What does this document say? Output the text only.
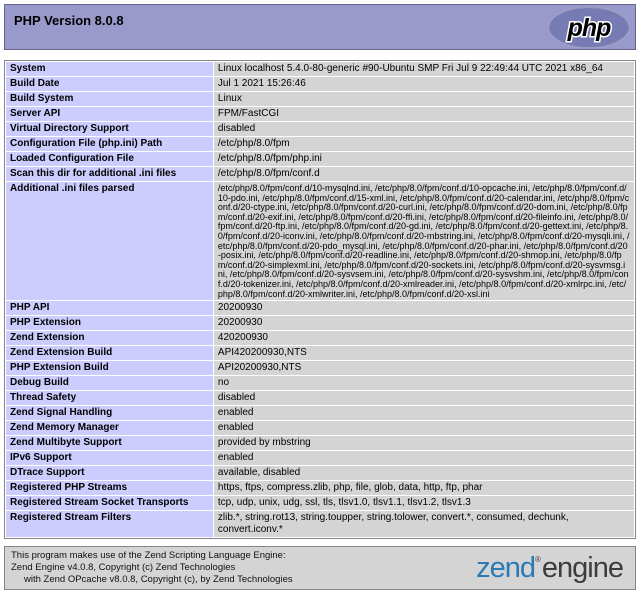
PHP Version 8.0.8	php
System	Linux localhost 5.4.0-80-generic #90-Ubuntu SMP Fri Jul 9 22:49:44 UTC 2021 x86_64
Build Date	Jul 1 2021 15:26:46
Build System	Linux
Server API	FPM/FastCGI
Virtual Directory Support	disabled
Configuration File (php.ini) Path	/etc/php/8.0/fpm
Loaded Configuration File	/etc/php/8.0/fpm/php.ini
Scan this dir for additional .ini files	/etc/php/8.0/fpm/conf.d
Additional .ini files parsed	/etc/php/8.0/fpm/conf.d/10-mysqlnd.ini, /etc/php/8.0/fpm/conf.d/10-opcache.ini, /etc/php/8.0/fpm/conf.d/10-pdo.ini, /etc/php/8.0/fpm/conf.d/15-xml.ini, /etc/php/8.0/fpm/conf.d/20-calendar.ini, /etc/php/8.0/fpm/conf.d/20-ctype.ini, /etc/php/8.0/fpm/conf.d/20-curl.ini, /etc/php/8.0/fpm/conf.d/20-dom.ini, /etc/php/8.0/fpm/conf.d/20-exif.ini, /etc/php/8.0/fpm/conf.d/20-ffi.ini, /etc/php/8.0/fpm/conf.d/20-fileinfo.ini, /etc/php/8.0/fpm/conf.d/20-ftp.ini, /etc/php/8.0/fpm/conf.d/20-gd.ini, /etc/php/8.0/fpm/conf.d/20-gettext.ini, /etc/php/8.0/fpm/conf.d/20-iconv.ini, /etc/php/8.0/fpm/conf.d/20-mbstring.ini, /etc/php/8.0/fpm/conf.d/20-mysqli.ini, /etc/php/8.0/fpm/conf.d/20-pdo_mysql.ini, /etc/php/8.0/fpm/conf.d/20-phar.ini, /etc/php/8.0/fpm/conf.d/20-posix.ini, /etc/php/8.0/fpm/conf.d/20-readline.ini, /etc/php/8.0/fpm/conf.d/20-shmop.ini, /etc/php/8.0/fpm/conf.d/20-simplexml.ini, /etc/php/8.0/fpm/conf.d/20-sockets.ini, /etc/php/8.0/fpm/conf.d/20-sysvmsg.ini, /etc/php/8.0/fpm/conf.d/20-sysvsem.ini, /etc/php/8.0/fpm/conf.d/20-sysvshm.ini, /etc/php/8.0/fpm/conf.d/20-tokenizer.ini, /etc/php/8.0/fpm/conf.d/20-xmlreader.ini, /etc/php/8.0/fpm/conf.d/20-xmlrpc.ini, /etc/php/8.0/fpm/conf.d/20-xmlwriter.ini, /etc/php/8.0/fpm/conf.d/20-xsl.ini
PHP API	20200930
PHP Extension	20200930
Zend Extension	420200930
Zend Extension Build	API420200930,NTS
PHP Extension Build	API20200930,NTS
Debug Build	no
Thread Safety	disabled
Zend Signal Handling	enabled
Zend Memory Manager	enabled
Zend Multibyte Support	provided by mbstring
IPv6 Support	enabled
DTrace Support	available, disabled
Registered PHP Streams	https, ftps, compress.zlib, php, file, glob, data, http, ftp, phar
Registered Stream Socket Transports	tcp, udp, unix, udg, ssl, tls, tlsv1.0, tlsv1.1, tlsv1.2, tlsv1.3
Registered Stream Filters	zlib.*, string.rot13, string.toupper, string.tolower, convert.*, consumed, dechunk, convert.iconv.*
This program makes use of the Zend Scripting Language Engine:
Zend Engine v4.0.8, Copyright (c) Zend Technologies
with Zend OPcache v8.0.8, Copyright (c), by Zend Technologies	zend®engine
